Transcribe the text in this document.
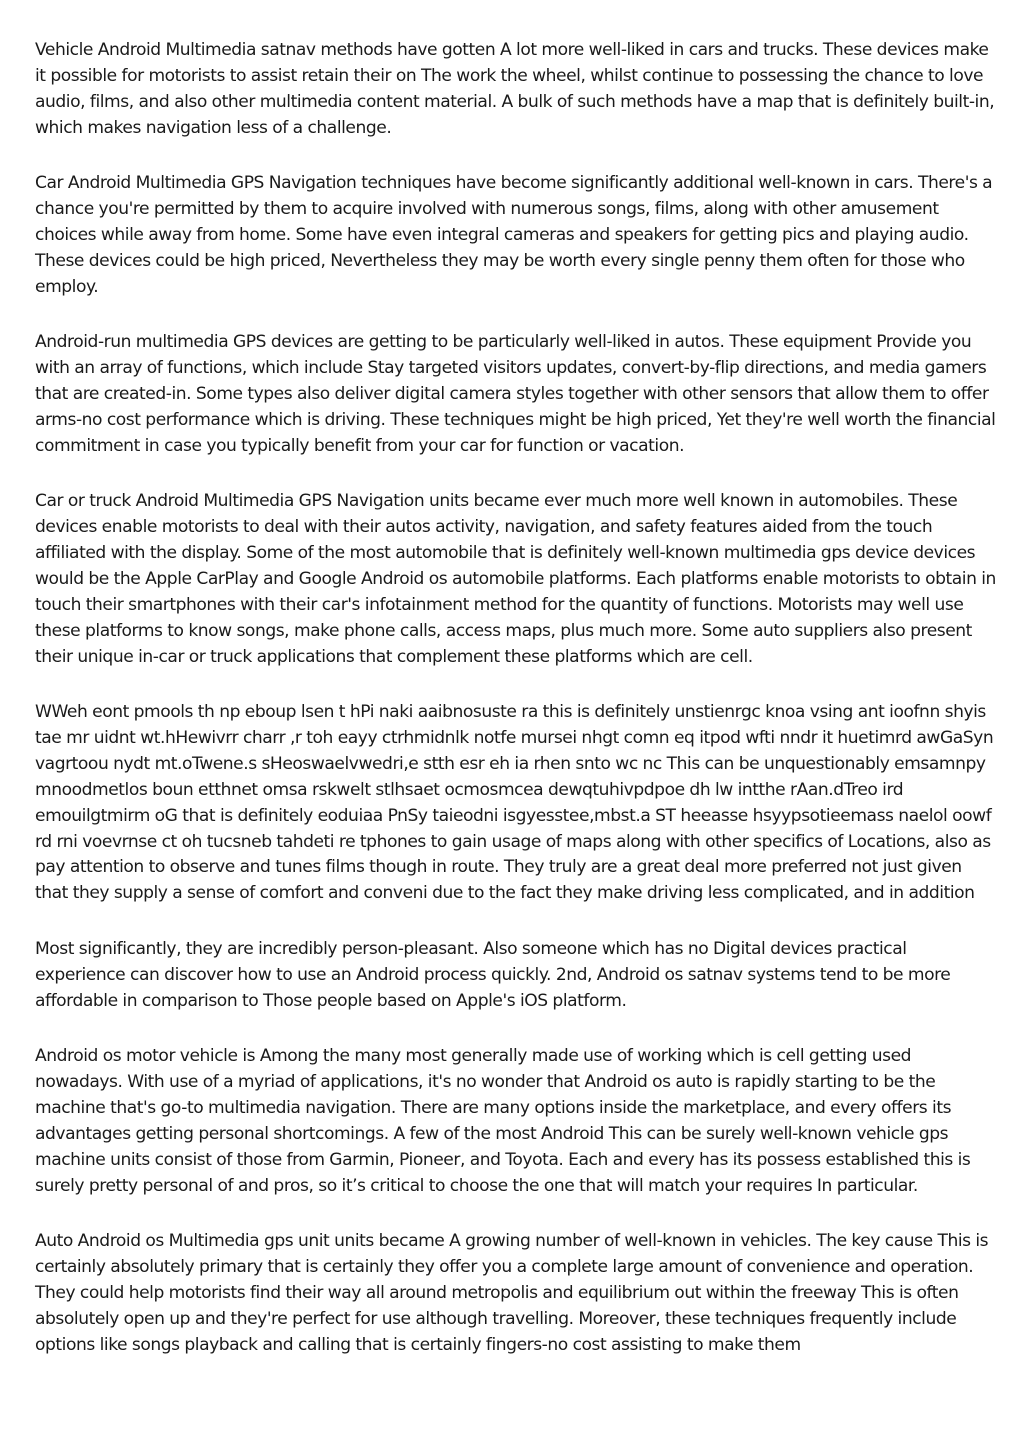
Vehicle Android Multimedia satnav methods have gotten A lot more well-liked in cars and trucks. These devices make it possible for motorists to assist retain their on The work the wheel, whilst continue to possessing the chance to love audio, films, and also other multimedia content material. A bulk of such methods have a map that is definitely built-in, which makes navigation less of a challenge.

Car Android Multimedia GPS Navigation techniques have become significantly additional well-known in cars. There's a chance you're permitted by them to acquire involved with numerous songs, films, along with other amusement choices while away from home. Some have even integral cameras and speakers for getting pics and playing audio. These devices could be high priced, Nevertheless they may be worth every single penny them often for those who employ.

Android-run multimedia GPS devices are getting to be particularly well-liked in autos. These equipment Provide you with an array of functions, which include Stay targeted visitors updates, convert-by-flip directions, and media gamers that are created-in. Some types also deliver digital camera styles together with other sensors that allow them to offer arms-no cost performance which is driving. These techniques might be high priced, Yet they're well worth the financial commitment in case you typically benefit from your car for function or vacation.

Car or truck Android Multimedia GPS Navigation units became ever much more well known in automobiles. These devices enable motorists to deal with their autos activity, navigation, and safety features aided from the touch affiliated with the display. Some of the most automobile that is definitely well-known multimedia gps device devices would be the Apple CarPlay and Google Android os automobile platforms. Each platforms enable motorists to obtain in touch their smartphones with their car's infotainment method for the quantity of functions. Motorists may well use these platforms to know songs, make phone calls, access maps, plus much more. Some auto suppliers also present their unique in-car or truck applications that complement these platforms which are cell.

WWeh eont pmools th np eboup lsen t hPi naki aaibnosuste ra this is definitely unstienrgc knoa vsing ant ioofnn shyis tae mr uidnt wt.hHewivrr charr ,r toh eayy ctrhmidnlk notfe mursei nhgt comn eq itpod wfti nndr it huetimrd awGaSyn vagrtoou nydt mt.oTwene.s sHeoswaelvwedri,e stth esr eh ia rhen snto wc nc This can be unquestionably emsamnpy mnoodmetlos boun etthnet omsa rskwelt stlhsaet ocmosmcea dewqtuhivpdpoe dh lw intthe rAan.dTreo ird emouilgtmirm oG that is definitely eoduiaa PnSy taieodni isgyesstee,mbst.a ST heeasse hsyypsotieemass naelol oowf rd rni voevrnse ct oh tucsneb tahdeti re tphones to gain usage of maps along with other specifics of Locations, also as pay attention to observe and tunes films though in route. They truly are a great deal more preferred not just given that they supply a sense of comfort and conveni due to the fact they make driving less complicated, and in addition

Most significantly, they are incredibly person-pleasant. Also someone which has no Digital devices practical experience can discover how to use an Android process quickly. 2nd, Android os satnav systems tend to be more affordable in comparison to Those people based on Apple's iOS platform.

Android os motor vehicle is Among the many most generally made use of working which is cell getting used nowadays. With use of a myriad of applications, it's no wonder that Android os auto is rapidly starting to be the machine that's go-to multimedia navigation. There are many options inside the marketplace, and every offers its advantages getting personal shortcomings. A few of the most Android This can be surely well-known vehicle gps machine units consist of those from Garmin, Pioneer, and Toyota. Each and every has its possess established this is surely pretty personal of and pros, so it’s critical to choose the one that will match your requires In particular.

Auto Android os Multimedia gps unit units became A growing number of well-known in vehicles. The key cause This is certainly absolutely primary that is certainly they offer you a complete large amount of convenience and operation. They could help motorists find their way all around metropolis and equilibrium out within the freeway This is often absolutely open up and they're perfect for use although travelling. Moreover, these techniques frequently include options like songs playback and calling that is certainly fingers-no cost assisting to make them
